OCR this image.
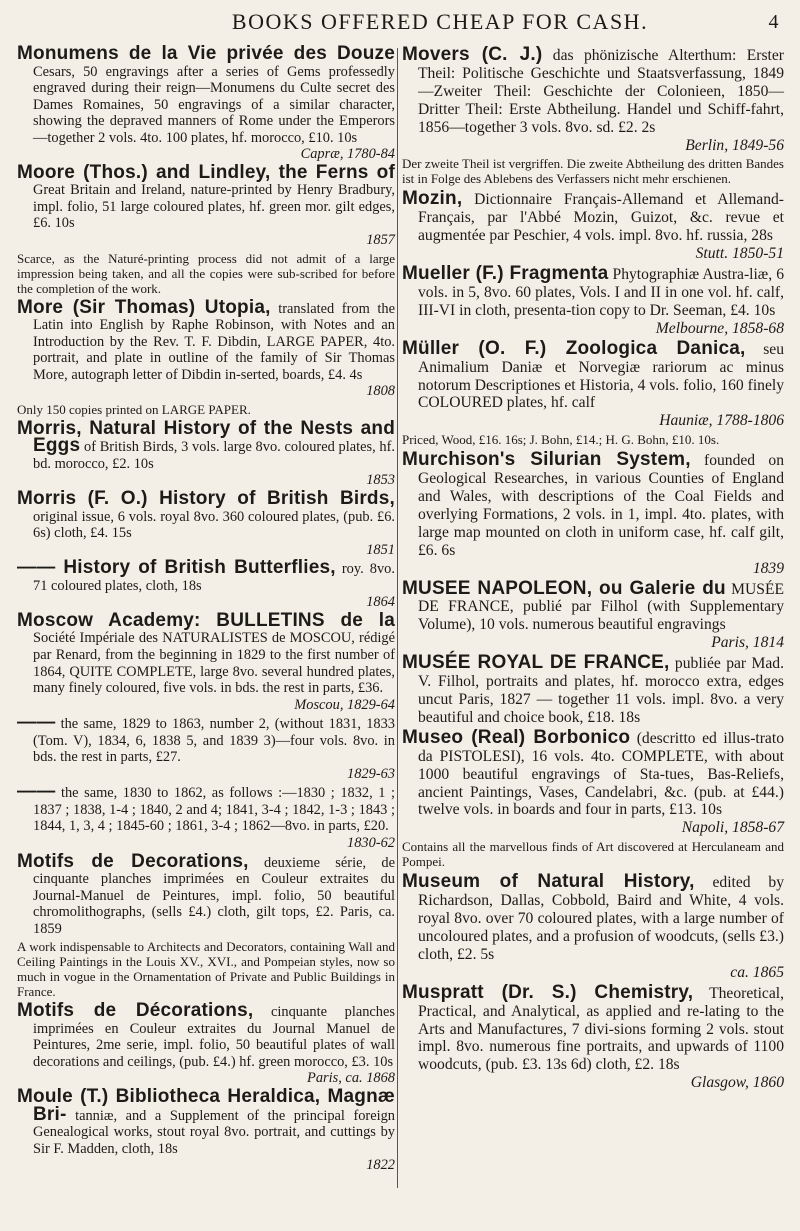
BOOKS OFFERED CHEAP FOR CASH.	4
Monumens de la Vie privée des Douze Cesars, 50 engravings after a series of Gems professedly engraved during their reign—Monumens du Culte secret des Dames Romaines, 50 engravings of a similar character, showing the depraved manners of Rome under the Emperors—together 2 vols. 4to. 100 plates, hf. morocco, £10. 10s
Capræ, 1780-84
Moore (Thos.) and Lindley, the Ferns of Great Britain and Ireland, nature-printed by Henry Bradbury, impl. folio, 51 large coloured plates, hf. green mor. gilt edges, £6. 10s
1857
Scarce, as the Naturé-printing process did not admit of a large impression being taken, and all the copies were sub-scribed for before the completion of the work.
More (Sir Thomas) Utopia, translated from the Latin into English by Raphe Robinson, with Notes and an Introduction by the Rev. T. F. Dibdin, LARGE PAPER, 4to. portrait, and plate in outline of the family of Sir Thomas More, autograph letter of Dibdin in-serted, boards, £4. 4s
1808
Only 150 copies printed on LARGE PAPER.
Morris, Natural History of the Nests and Eggs of British Birds, 3 vols. large 8vo. coloured plates, hf. bd. morocco, £2. 10s
1853
Morris (F. O.) History of British Birds, original issue, 6 vols. royal 8vo. 360 coloured plates, (pub. £6. 6s) cloth, £4. 15s
1851
—— History of British Butterflies, roy. 8vo. 71 coloured plates, cloth, 18s
1864
Moscow Academy: BULLETINS de la Société Impériale des NATURALISTES de MOSCOU, rédigé par Renard, from the beginning in 1829 to the first number of 1864, QUITE COMPLETE, large 8vo. several hundred plates, many finely coloured, five vols. in bds. the rest in parts, £36.
Moscou, 1829-64
—— the same, 1829 to 1863, number 2, (without 1831, 1833 (Tom. V), 1834, 6, 1838 5, and 1839 3)—four vols. 8vo. in bds. the rest in parts, £27.
1829-63
—— the same, 1830 to 1862, as follows :—1830 ; 1832, 1 ; 1837 ; 1838, 1-4 ; 1840, 2 and 4; 1841, 3-4 ; 1842, 1-3 ; 1843 ; 1844, 1, 3, 4 ; 1845-60 ; 1861, 3-4 ; 1862—8vo. in parts, £20.
1830-62
Motifs de Decorations, deuxieme série, de cinquante planches imprimées en Couleur extraites du Journal-Manuel de Peintures, impl. folio, 50 beautiful chromolithographs, (sells £4.) cloth, gilt tops, £2. Paris, ca. 1859
A work indispensable to Architects and Decorators, containing Wall and Ceiling Paintings in the Louis XV., XVI., and Pompeian styles, now so much in vogue in the Ornamentation of Private and Public Buildings in France.
Motifs de Décorations, cinquante planches imprimées en Couleur extraites du Journal Manuel de Peintures, 2me serie, impl. folio, 50 beautiful plates of wall decorations and ceilings, (pub. £4.) hf. green morocco, £3. 10s
Paris, ca. 1868
Moule (T.) Bibliotheca Heraldica, Magnæ Bri- tanniæ, and a Supplement of the principal foreign Genealogical works, stout royal 8vo. portrait, and cuttings by Sir F. Madden, cloth, 18s
1822
Movers (C. J.) das phönizische Alterthum: Erster Theil: Politische Geschichte und Staatsverfassung, 1849—Zweiter Theil: Geschichte der Colonieen, 1850—Dritter Theil: Erste Abtheilung. Handel und Schiff-fahrt, 1856—together 3 vols. 8vo. sd. £2. 2s
Berlin, 1849-56
Der zweite Theil ist vergriffen. Die zweite Abtheilung des dritten Bandes ist in Folge des Ablebens des Verfassers nicht mehr erschienen.
Mozin, Dictionnaire Français-Allemand et Allemand-Français, par l'Abbé Mozin, Guizot, &c. revue et augmentée par Peschier, 4 vols. impl. 8vo. hf. russia, 28s
Stutt. 1850-51
Mueller (F.) Fragmenta Phytographiæ Austra-liæ, 6 vols. in 5, 8vo. 60 plates, Vols. I and II in one vol. hf. calf, III-VI in cloth, presenta-tion copy to Dr. Seeman, £4. 10s
Melbourne, 1858-68
Müller (O. F.) Zoologica Danica, seu Animalium Daniæ et Norvegiæ rariorum ac minus notorum Descriptiones et Historia, 4 vols. folio, 160 finely COLOURED plates, hf. calf
Hauniæ, 1788-1806
Priced, Wood, £16. 16s; J. Bohn, £14.; H. G. Bohn, £10. 10s.
Murchison's Silurian System, founded on Geological Researches, in various Counties of England and Wales, with descriptions of the Coal Fields and overlying Formations, 2 vols. in 1, impl. 4to. plates, with large map mounted on cloth in uniform case, hf. calf gilt, £6. 6s
1839
MUSEE NAPOLEON, ou Galerie du MUSÉE DE FRANCE, publié par Filhol (with Supplementary Volume), 10 vols. numerous beautiful engravings
Paris, 1814
MUSÉE ROYAL DE FRANCE, publiée par Mad. V. Filhol, portraits and plates, hf. morocco extra, edges uncut Paris, 1827 — together 11 vols. impl. 8vo. a very beautiful and choice book, £18. 18s
Museo (Real) Borbonico (descritto ed illus-trato da PISTOLESI), 16 vols. 4to. COMPLETE, with about 1000 beautiful engravings of Sta-tues, Bas-Reliefs, ancient Paintings, Vases, Candelabri, &c. (pub. at £44.) twelve vols. in boards and four in parts, £13. 10s
Napoli, 1858-67
Contains all the marvellous finds of Art discovered at Herculaneam and Pompei.
Museum of Natural History, edited by Richardson, Dallas, Cobbold, Baird and White, 4 vols. royal 8vo. over 70 coloured plates, with a large number of uncoloured plates, and a profusion of woodcuts, (sells £3.) cloth, £2. 5s
ca. 1865
Muspratt (Dr. S.) Chemistry, Theoretical, Practical, and Analytical, as applied and re-lating to the Arts and Manufactures, 7 divi-sions forming 2 vols. stout impl. 8vo. numerous fine portraits, and upwards of 1100 woodcuts, (pub. £3. 13s 6d) cloth, £2. 18s
Glasgow, 1860
